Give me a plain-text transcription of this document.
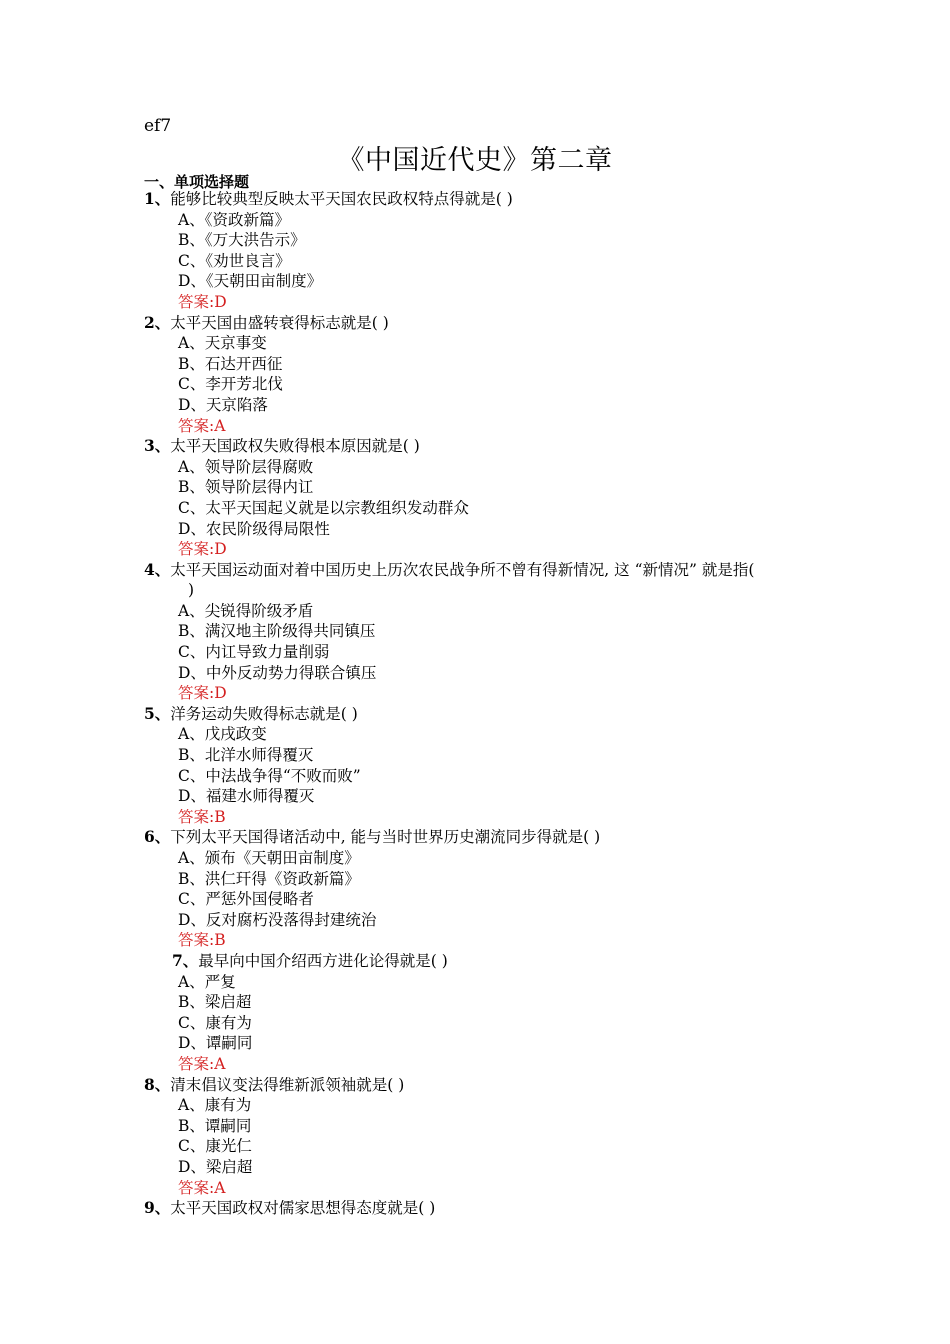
ef7
《中国近代史》第二章
一、单项选择题
1、能够比较典型反映太平天国农民政权特点得就是( )
A、《资政新篇》
B、《万大洪告示》
C、《劝世良言》
D、《天朝田亩制度》
答案:D
2、太平天国由盛转衰得标志就是( )
A、天京事变
B、石达开西征
C、李开芳北伐
D、天京陷落
答案:A
3、太平天国政权失败得根本原因就是( )
A、领导阶层得腐败
B、领导阶层得内讧
C、太平天国起义就是以宗教组织发动群众
D、农民阶级得局限性
答案:D
4、太平天国运动面对着中国历史上历次农民战争所不曾有得新情况, 这 “新情况” 就是指(
)
A、尖锐得阶级矛盾
B、满汉地主阶级得共同镇压
C、内讧导致力量削弱
D、中外反动势力得联合镇压
答案:D
5、洋务运动失败得标志就是( )
A、戊戌政变
B、北洋水师得覆灭
C、中法战争得“不败而败”
D、福建水师得覆灭
答案:B
6、下列太平天国得诸活动中, 能与当时世界历史潮流同步得就是( )
A、颁布《天朝田亩制度》
B、洪仁玕得《资政新篇》
C、严惩外国侵略者
D、反对腐朽没落得封建统治
答案:B
7、最早向中国介绍西方进化论得就是( )
A、严复
B、梁启超
C、康有为
D、谭嗣同
答案:A
8、清末倡议变法得维新派领袖就是( )
A、康有为
B、谭嗣同
C、康光仁
D、梁启超
答案:A
9、太平天国政权对儒家思想得态度就是( )
